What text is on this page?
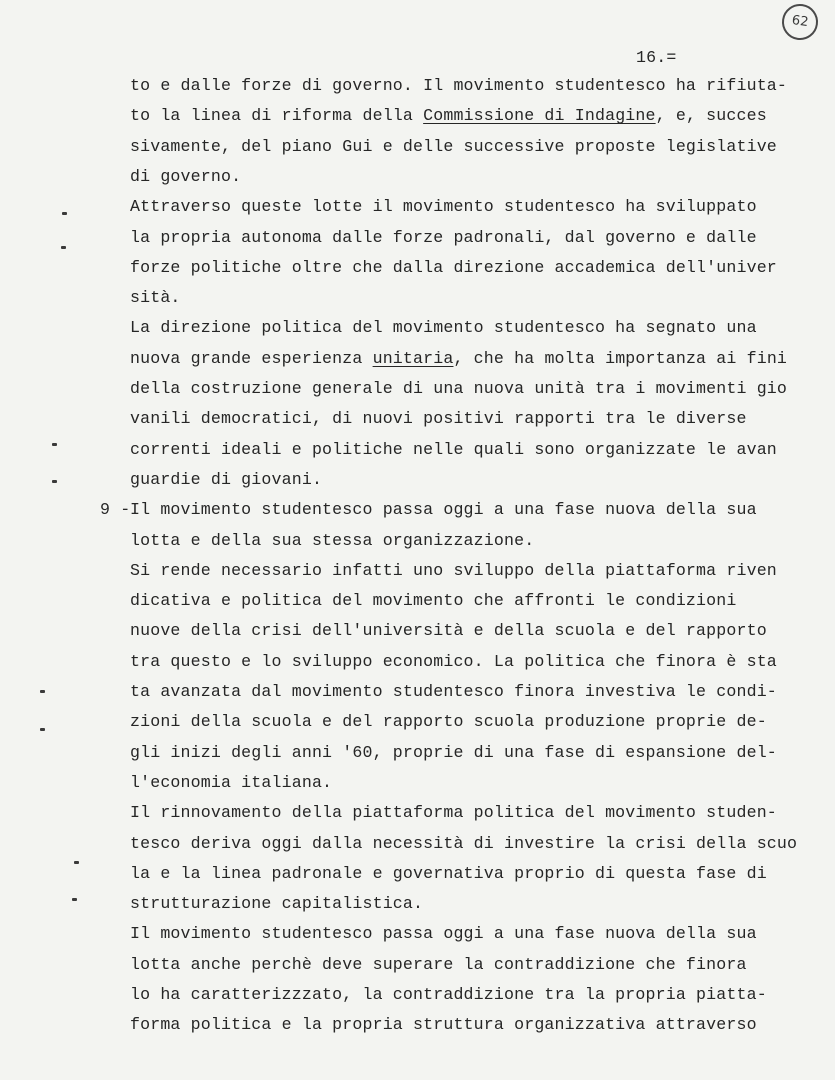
62
16.=
to e dalle forze di governo. Il movimento studentesco ha rifiuta-
to la linea di riforma della Commissione di Indagine, e, succes
sivamente, del piano Gui e delle successive proposte legislative
di governo.
Attraverso queste lotte il movimento studentesco ha sviluppato
la propria autonoma dalle forze padronali, dal governo e dalle
forze politiche oltre che dalla direzione accademica dell'univer
sità.
La direzione politica del movimento studentesco ha segnato una
nuova grande esperienza unitaria, che ha molta importanza ai fini
della costruzione generale di una nuova unità tra i movimenti gio
vanili democratici, di nuovi positivi rapporti tra le diverse
correnti ideali e politiche nelle quali sono organizzate le avan
guardie di giovani.
9 - Il movimento studentesco passa oggi a una fase nuova della sua
lotta e della sua stessa organizzazione.
Si rende necessario infatti uno sviluppo della piattaforma riven
dicativa e politica del movimento che affronti le condizioni
nuove della crisi dell'università e della scuola e del rapporto
tra questo e lo sviluppo economico. La politica che finora è sta
ta avanzata dal movimento studentesco finora investiva le condi-
zioni della scuola e del rapporto scuola produzione proprie de-
gli inizi degli anni '60, proprie di una fase di espansione del-
l'economia italiana.
Il rinnovamento della piattaforma politica del movimento studen-
tesco deriva oggi dalla necessità di investire la crisi della scuo
la e la linea padronale e governativa proprio di questa fase di
strutturazione capitalistica.
Il movimento studentesco passa oggi a una fase nuova della sua
lotta anche perchè deve superare la contraddizione che finora
lo ha caratterizzzato, la contraddizione tra la propria piatta-
forma politica e la propria struttura organizzativa attraverso
